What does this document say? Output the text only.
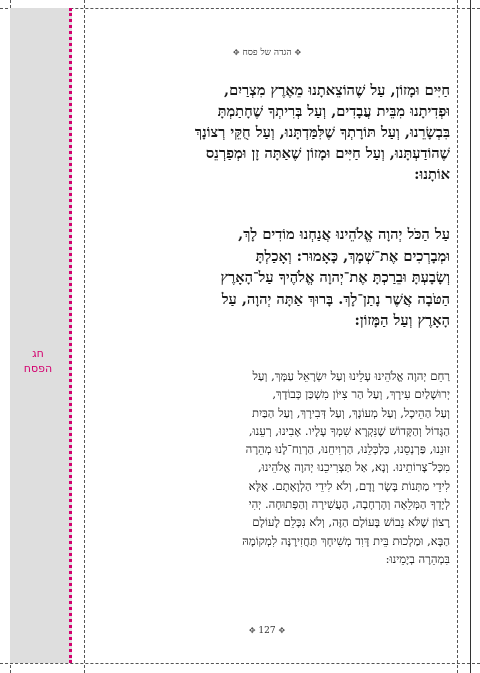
חג
הפסח
✥ הגדה של פסח ✥
חַיִּים וּמָזוֹן, עַל שֶׁהוֹצֵאתָנוּ מֵאֶרֶץ מִצְרַיִם,
וּפְדִיתָנוּ מִבֵּית עֲבָדִים, וְעַל בְּרִיתְךָ שֶׁחָתַמְתָּ
בִּבְשָׂרֵנוּ, וְעַל תּוֹרָתְךָ שֶׁלִּמַּדְתָּנוּ, וְעַל חֻקֵּי רְצוֹנָךְ
שֶׁהוֹדַעְתָּנוּ, וְעַל חַיִּים וּמָזוֹן שֶׁאַתָּה זָן וּמְפַרְנֵס
אוֹתָנוּ:
עַל הַכֹּל יְהוָה אֱלֹהֵינוּ אֲנַחְנוּ מוֹדִים לָךְ,
וּמְבָרְכִים אֶת־שְׁמָךְ, כָּאָמוּר: וְאָכַלְתָּ
וְשָׂבָעְתָּ וּבֵרַכְתָּ אֶת־יְהוָה אֱלֹהֶיךָ עַל־הָאָרֶץ
הַטֹּבָה אֲשֶׁר נָתַן־לָךְ. בָּרוּךְ אַתָּה יְהוָה, עַל
הָאָרֶץ וְעַל הַמָּזוֹן:
רַחֵם יְהוָה אֱלֹהֵינוּ עָלֵינוּ וְעַל יִשְׂרָאֵל עַמָּךְ, וְעַל
יְרוּשָׁלַיִם עִירָךְ, וְעַל הַר צִיּוֹן מִשְׁכַּן כְּבוֹדָךְ,
וְעַל הַהֵיכָל, וְעַל מְעוֹנָךְ, וְעַל דְּבִירָךְ, וְעַל הַבַּיִת
הַגָּדוֹל וְהַקָּדוֹשׁ שֶׁנִּקְרָא שִׁמְךָ עָלָיו. אָבִינוּ, רְעֵנוּ,
זוּנֵנוּ, פַּרְנְסֵנוּ, כַּלְכְּלֵנוּ, הַרְוִיחֵנוּ, הַרְוַח־לָנוּ מְהֵרָה
מִכָּל־צָרוֹתֵינוּ. וְנָא, אַל תַּצְרִיכֵנוּ יְהוָה אֱלֹהֵינוּ,
לִידֵי מַתְּנוֹת בָּשָׂר וָדָם, וְלֹא לִידֵי הַלְוָאָתָם. אֶלָּא
לְיָדְךָ הַמְּלֵאָה וְהָרְחָבָה, הָעֲשִׁירָה וְהַפְּתוּחָה. יְהִי
רָצוֹן שֶׁלֹּא נֵבוֹשׁ בָּעוֹלָם הַזֶּה, וְלֹא נִכָּלֵם לָעוֹלָם
הַבָּא, וּמַלְכוּת בֵּית דָּוִד מְשִׁיחָךְ תַּחֲזִירֶנָּה לִמְקוֹמָהּ
בִּמְהֵרָה בְיָמֵינוּ:
✥ 127 ✥
